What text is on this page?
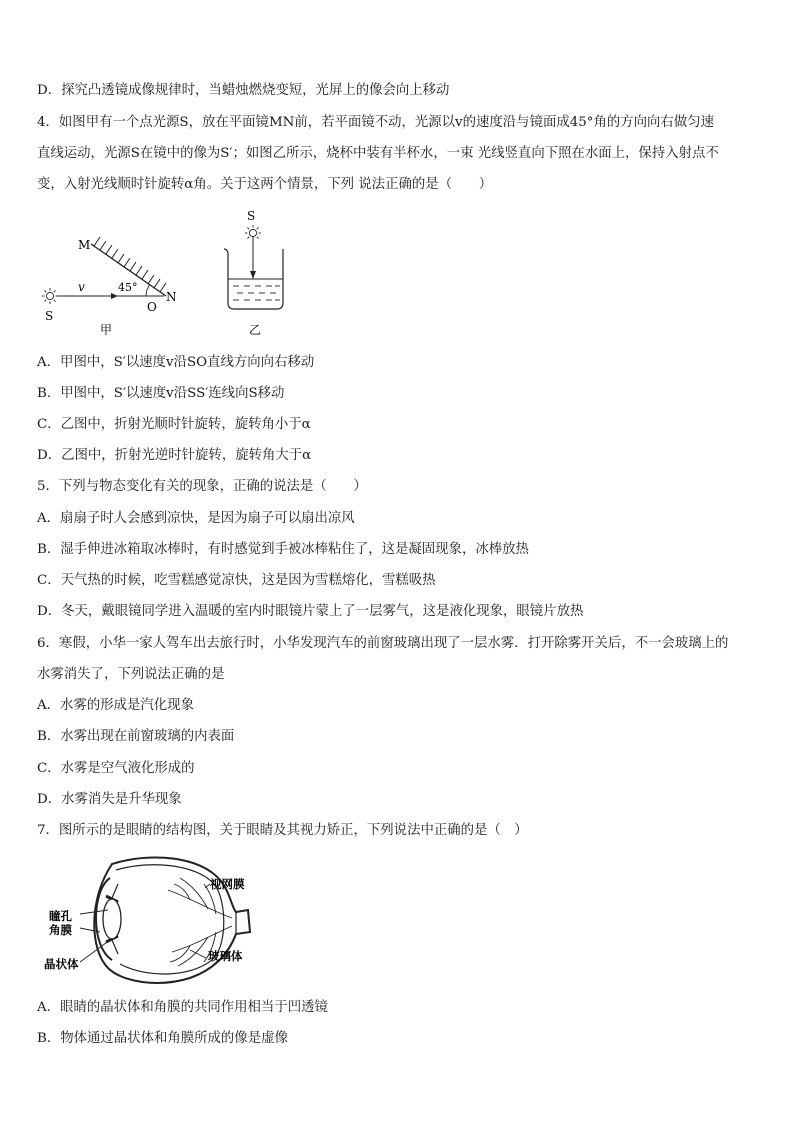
D．探究凸透镜成像规律时，当蜡烛燃烧变短，光屏上的像会向上移动
4．如图甲有一个点光源S，放在平面镜MN前，若平面镜不动，光源以v的速度沿与镜面成45°角的方向向右做匀速
直线运动，光源S在镜中的像为S′；如图乙所示，烧杯中装有半杯水，一束 光线竖直向下照在水面上，保持入射点不
变，入射光线顺时针旋转α角。关于这两个情景，下列 说法正确的是（　　）
M
N
O
S
v	45°
甲
S
乙
A．甲图中，S′以速度v沿SO直线方向向右移动
B．甲图中，S′以速度v沿SS′连线向S移动
C．乙图中，折射光顺时针旋转，旋转角小于α
D．乙图中，折射光逆时针旋转，旋转角大于α
5．下列与物态变化有关的现象，正确的说法是（　　）
A．扇扇子时人会感到凉快，是因为扇子可以扇出凉风
B．湿手伸进冰箱取冰棒时，有时感觉到手被冰棒粘住了，这是凝固现象，冰棒放热
C．天气热的时候，吃雪糕感觉凉快，这是因为雪糕熔化，雪糕吸热
D．冬天，戴眼镜同学进入温暖的室内时眼镜片蒙上了一层雾气，这是液化现象，眼镜片放热
6．寒假，小华一家人驾车出去旅行时，小华发现汽车的前窗玻璃出现了一层水雾．打开除雾开关后，不一会玻璃上的
水雾消失了，下列说法正确的是
A．水雾的形成是汽化现象
B．水雾出现在前窗玻璃的内表面
C．水雾是空气液化形成的
D．水雾消失是升华现象
7．图所示的是眼睛的结构图，关于眼睛及其视力矫正，下列说法中正确的是（　）
视网膜
瞳孔
角膜
晶状体
玻璃体
A．眼睛的晶状体和角膜的共同作用相当于凹透镜
B．物体通过晶状体和角膜所成的像是虚像
